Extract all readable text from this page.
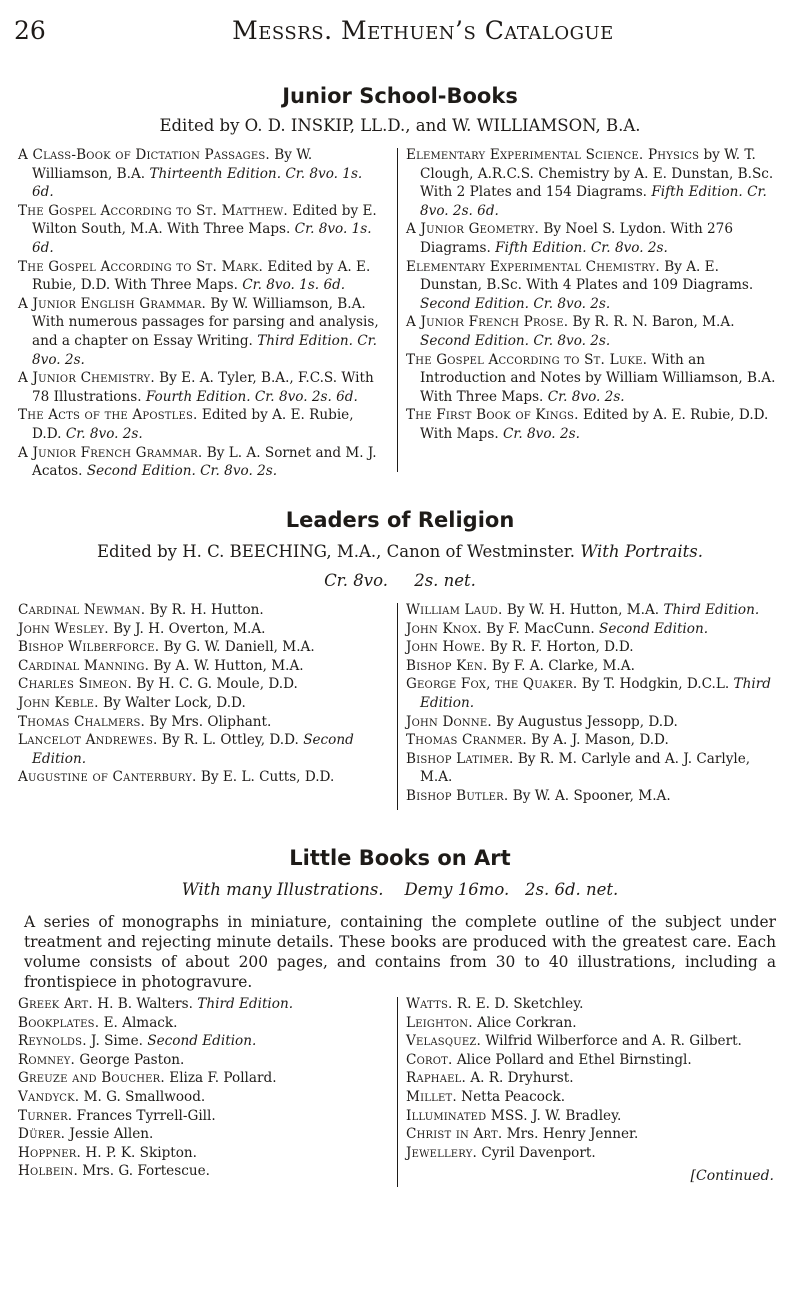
26	Messrs. Methuen’s Catalogue
Junior School-Books
Edited by O. D. INSKIP, LL.D., and W. WILLIAMSON, B.A.

A Class-Book of Dictation Passages. By W. Williamson, B.A. Thirteenth Edition. Cr. 8vo. 1s. 6d.

The Gospel According to St. Matthew. Edited by E. Wilton South, M.A. With Three Maps. Cr. 8vo. 1s. 6d.

The Gospel According to St. Mark. Edited by A. E. Rubie, D.D. With Three Maps. Cr. 8vo. 1s. 6d.

A Junior English Grammar. By W. Williamson, B.A. With numerous passages for parsing and analysis, and a chapter on Essay Writing. Third Edition. Cr. 8vo. 2s.

A Junior Chemistry. By E. A. Tyler, B.A., F.C.S. With 78 Illustrations. Fourth Edition. Cr. 8vo. 2s. 6d.

The Acts of the Apostles. Edited by A. E. Rubie, D.D. Cr. 8vo. 2s.

A Junior French Grammar. By L. A. Sornet and M. J. Acatos. Second Edition. Cr. 8vo. 2s.

Elementary Experimental Science. Physics by W. T. Clough, A.R.C.S. Chemistry by A. E. Dunstan, B.Sc. With 2 Plates and 154 Diagrams. Fifth Edition. Cr. 8vo. 2s. 6d.

A Junior Geometry. By Noel S. Lydon. With 276 Diagrams. Fifth Edition. Cr. 8vo. 2s.

Elementary Experimental Chemistry. By A. E. Dunstan, B.Sc. With 4 Plates and 109 Diagrams. Second Edition. Cr. 8vo. 2s.

A Junior French Prose. By R. R. N. Baron, M.A. Second Edition. Cr. 8vo. 2s.

The Gospel According to St. Luke. With an Introduction and Notes by William Williamson, B.A. With Three Maps. Cr. 8vo. 2s.

The First Book of Kings. Edited by A. E. Rubie, D.D. With Maps. Cr. 8vo. 2s.

Leaders of Religion
Edited by H. C. BEECHING, M.A., Canon of Westminster. With Portraits.
Cr. 8vo. 2s. net.

Cardinal Newman. By R. H. Hutton.

John Wesley. By J. H. Overton, M.A.

Bishop Wilberforce. By G. W. Daniell, M.A.

Cardinal Manning. By A. W. Hutton, M.A.

Charles Simeon. By H. C. G. Moule, D.D.

John Keble. By Walter Lock, D.D.

Thomas Chalmers. By Mrs. Oliphant.

Lancelot Andrewes. By R. L. Ottley, D.D. Second Edition.

Augustine of Canterbury. By E. L. Cutts, D.D.

William Laud. By W. H. Hutton, M.A. Third Edition.

John Knox. By F. MacCunn. Second Edition.

John Howe. By R. F. Horton, D.D.

Bishop Ken. By F. A. Clarke, M.A.

George Fox, the Quaker. By T. Hodgkin, D.C.L. Third Edition.

John Donne. By Augustus Jessopp, D.D.

Thomas Cranmer. By A. J. Mason, D.D.

Bishop Latimer. By R. M. Carlyle and A. J. Carlyle, M.A.

Bishop Butler. By W. A. Spooner, M.A.

Little Books on Art
With many Illustrations. Demy 16mo. 2s. 6d. net.
A series of monographs in miniature, containing the complete outline of the subject under treatment and rejecting minute details. These books are produced with the greatest care. Each volume consists of about 200 pages, and contains from 30 to 40 illustrations, including a frontispiece in photogravure.

Greek Art. H. B. Walters. Third Edition.

Bookplates. E. Almack.

Reynolds. J. Sime. Second Edition.

Romney. George Paston.

Greuze and Boucher. Eliza F. Pollard.

Vandyck. M. G. Smallwood.

Turner. Frances Tyrrell-Gill.

Dürer. Jessie Allen.

Hoppner. H. P. K. Skipton.

Holbein. Mrs. G. Fortescue.

Watts. R. E. D. Sketchley.

Leighton. Alice Corkran.

Velasquez. Wilfrid Wilberforce and A. R. Gilbert.

Corot. Alice Pollard and Ethel Birnstingl.

Raphael. A. R. Dryhurst.

Millet. Netta Peacock.

Illuminated MSS. J. W. Bradley.

Christ in Art. Mrs. Henry Jenner.

Jewellery. Cyril Davenport.

[Continued.
